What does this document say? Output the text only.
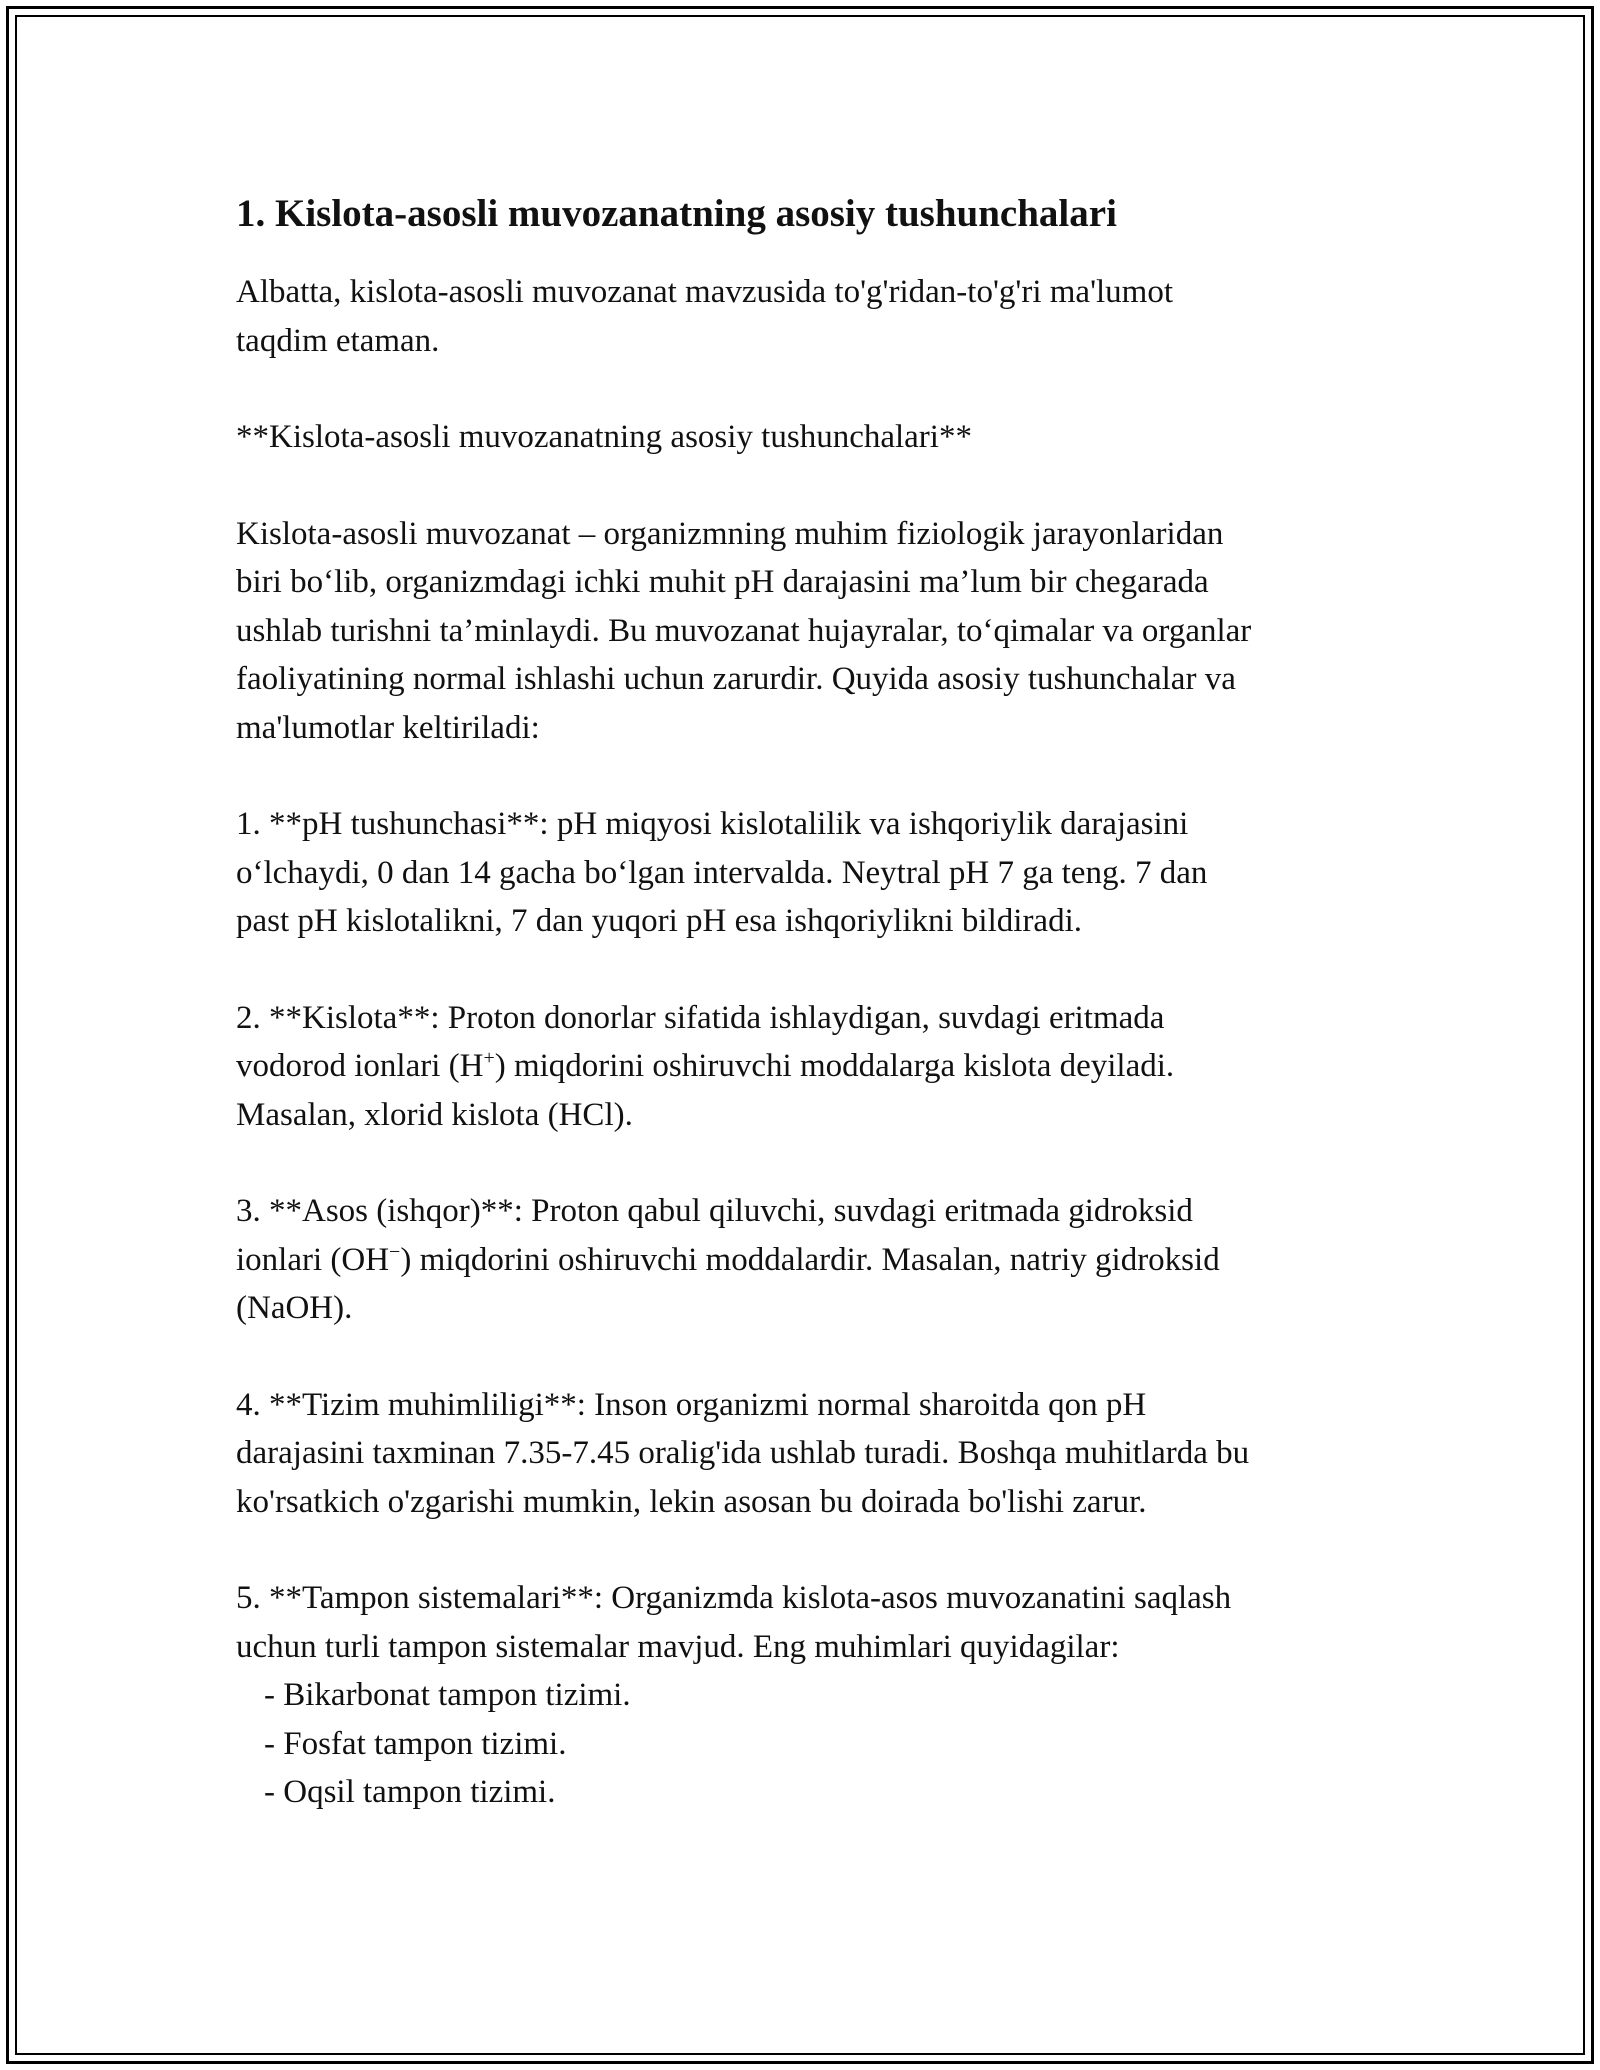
1. Kislota-asosli muvozanatning asosiy tushunchalari

Albatta, kislota-asosli muvozanat mavzusida to'g'ridan-to'g'ri ma'lumot
taqdim etaman.

**Kislota-asosli muvozanatning asosiy tushunchalari**

Kislota-asosli muvozanat – organizmning muhim fiziologik jarayonlaridan
biri bo‘lib, organizmdagi ichki muhit pH darajasini ma’lum bir chegarada
ushlab turishni ta’minlaydi. Bu muvozanat hujayralar, to‘qimalar va organlar
faoliyatining normal ishlashi uchun zarurdir. Quyida asosiy tushunchalar va
ma'lumotlar keltiriladi:

1. **pH tushunchasi**: pH miqyosi kislotalilik va ishqoriylik darajasini
o‘lchaydi, 0 dan 14 gacha bo‘lgan intervalda. Neytral pH 7 ga teng. 7 dan
past pH kislotalikni, 7 dan yuqori pH esa ishqoriylikni bildiradi.

2. **Kislota**: Proton donorlar sifatida ishlaydigan, suvdagi eritmada
vodorod ionlari (H+) miqdorini oshiruvchi moddalarga kislota deyiladi.
Masalan, xlorid kislota (HCl).

3. **Asos (ishqor)**: Proton qabul qiluvchi, suvdagi eritmada gidroksid
ionlari (OH−) miqdorini oshiruvchi moddalardir. Masalan, natriy gidroksid
(NaOH).

4. **Tizim muhimliligi**: Inson organizmi normal sharoitda qon pH
darajasini taxminan 7.35-7.45 oralig'ida ushlab turadi. Boshqa muhitlarda bu
ko'rsatkich o'zgarishi mumkin, lekin asosan bu doirada bo'lishi zarur.

5. **Tampon sistemalari**: Organizmda kislota-asos muvozanatini saqlash
uchun turli tampon sistemalar mavjud. Eng muhimlari quyidagilar:

- Bikarbonat tampon tizimi.
- Fosfat tampon tizimi.
- Oqsil tampon tizimi.
